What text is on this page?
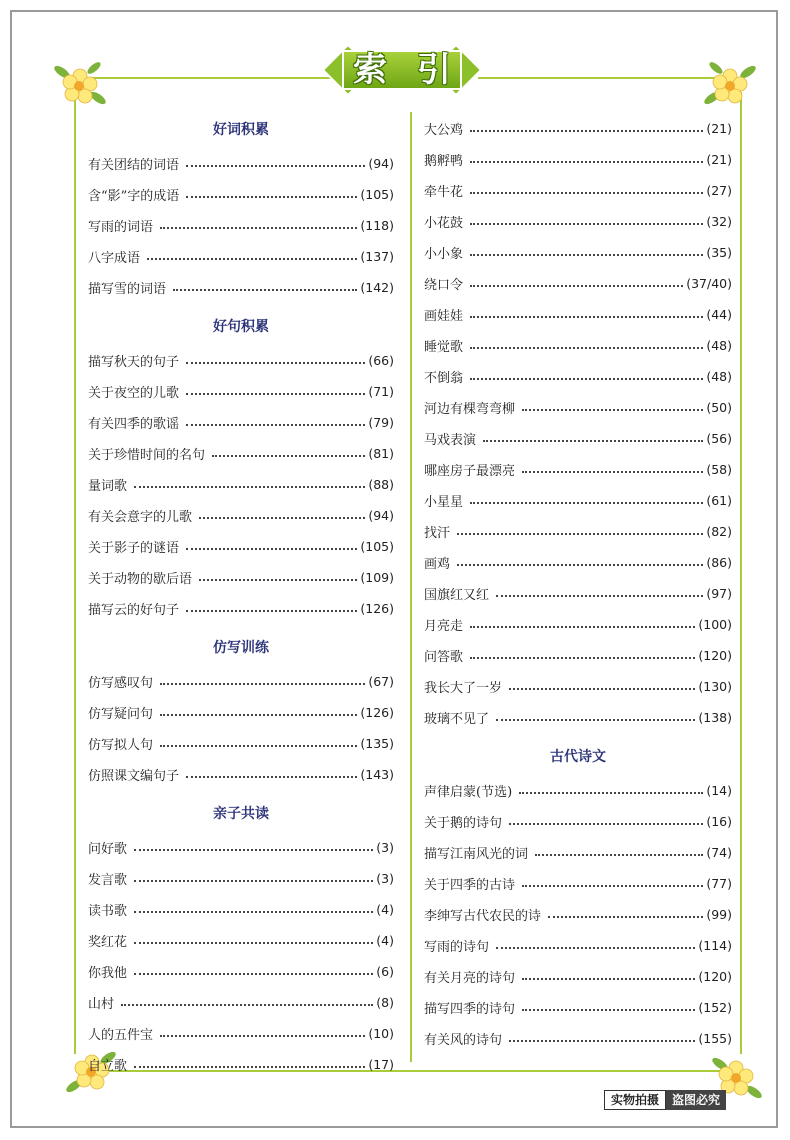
索引
好词积累
有关团结的词语	(94)
含“影”字的成语	(105)
写雨的词语	(118)
八字成语	(137)
描写雪的词语	(142)
好句积累
描写秋天的句子	(66)
关于夜空的儿歌	(71)
有关四季的歌谣	(79)
关于珍惜时间的名句	(81)
量词歌	(88)
有关会意字的儿歌	(94)
关于影子的谜语	(105)
关于动物的歇后语	(109)
描写云的好句子	(126)
仿写训练
仿写感叹句	(67)
仿写疑问句	(126)
仿写拟人句	(135)
仿照课文编句子	(143)
亲子共读
问好歌	(3)
发言歌	(3)
读书歌	(4)
奖红花	(4)
你我他	(6)
山村	(8)
人的五件宝	(10)
自立歌	(17)
大公鸡	(21)
鹅孵鸭	(21)
牵牛花	(27)
小花鼓	(32)
小小象	(35)
绕口令	(37/40)
画娃娃	(44)
睡觉歌	(48)
不倒翁	(48)
河边有棵弯弯柳	(50)
马戏表演	(56)
哪座房子最漂亮	(58)
小星星	(61)
找汗	(82)
画鸡	(86)
国旗红又红	(97)
月亮走	(100)
问答歌	(120)
我长大了一岁	(130)
玻璃不见了	(138)
古代诗文
声律启蒙(节选)	(14)
关于鹅的诗句	(16)
描写江南风光的词	(74)
关于四季的古诗	(77)
李绅写古代农民的诗	(99)
写雨的诗句	(114)
有关月亮的诗句	(120)
描写四季的诗句	(152)
有关风的诗句	(155)
实物拍摄	盗图必究
